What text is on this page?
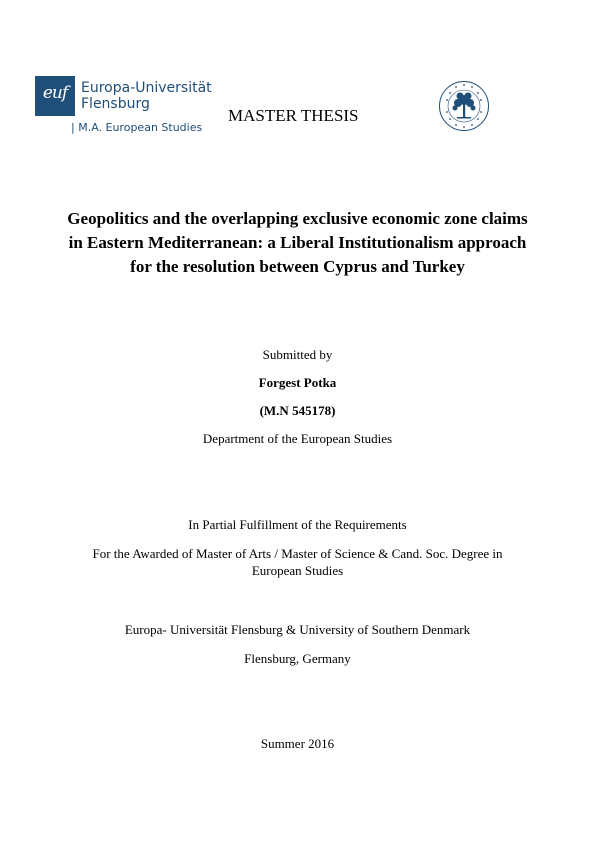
euf Europa-Universität
Flensburg
| M.A. European Studies
MASTER THESIS
Geopolitics and the overlapping exclusive economic zone claims in Eastern Mediterranean: a Liberal Institutionalism approach for the resolution between Cyprus and Turkey
Submitted by
Forgest Potka
(M.N 545178)
Department of the European Studies
In Partial Fulfillment of the Requirements
For the Awarded of Master of Arts / Master of Science & Cand. Soc. Degree in European Studies
Europa- Universität Flensburg & University of Southern Denmark
Flensburg, Germany
Summer 2016
